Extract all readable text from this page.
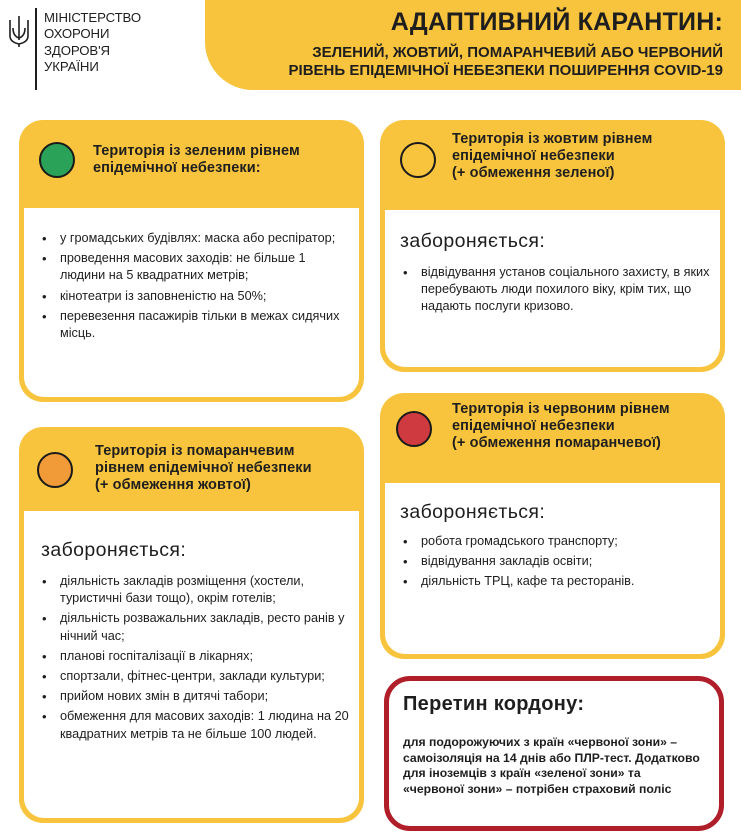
МІНІСТЕРСТВО
ОХОРОНИ
ЗДОРОВ'Я
УКРАЇНИ
АДАПТИВНИЙ КАРАНТИН:
ЗЕЛЕНИЙ, ЖОВТИЙ, ПОМАРАНЧЕВИЙ АБО ЧЕРВОНИЙ
РІВЕНЬ ЕПІДЕМІЧНОЇ НЕБЕЗПЕКИ ПОШИРЕННЯ COVID-19
Територія із зеленим рівнем
епідемічної небезпеки:
• у громадських будівлях: маска або респіратор;
• проведення масових заходів: не більше 1 людини на 5 квадратних метрів;
• кінотеатри із заповненістю на 50%;
• перевезення пасажирів тільки в межах сидячих місць.
Територія із жовтим рівнем
епідемічної небезпеки
(+ обмеження зеленої)
забороняється:
• відвідування установ соціального захисту, в яких перебувають люди похилого віку, крім тих, що надають послуги кризово.
Територія із червоним рівнем
епідемічної небезпеки
(+ обмеження помаранчевої)
забороняється:
• робота громадського транспорту;
• відвідування закладів освіти;
• діяльність ТРЦ, кафе та ресторанів.
Територія із помаранчевим
рівнем епідемічної небезпеки
(+ обмеження жовтої)
забороняється:
• діяльність закладів розміщення (хостели, туристичні бази тощо), окрім готелів;
• діяльність розважальних закладів, ресто ранів у нічний час;
• планові госпіталізації в лікарнях;
• спортзали, фітнес-центри, заклади культури;
• прийом нових змін в дитячі табори;
• обмеження для масових заходів: 1 людина на 20 квадратних метрів та не більше 100 людей.
Перетин кордону:
для подорожуючих з країн «червоної зони» – самоізоляція на 14 днів або ПЛР-тест. Додатково для іноземців з країн «зеленої зони» та «червоної зони» – потрібен страховий поліс
